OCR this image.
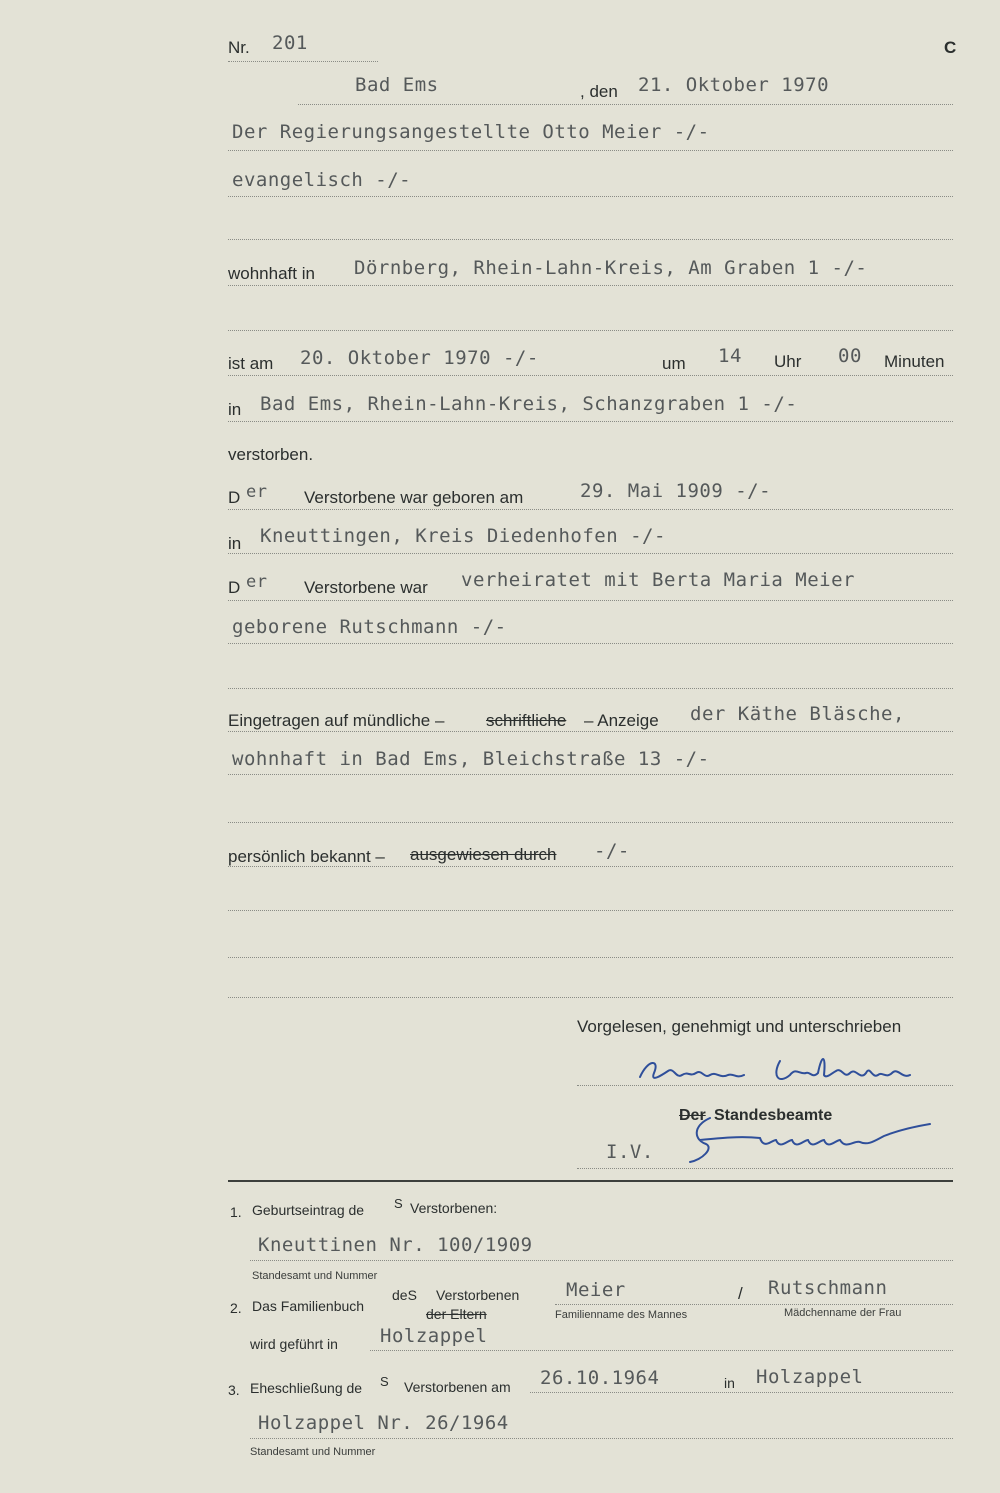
Nr. 201	C
Bad Ems	, den 21. Oktober 1970
Der Regierungsangestellte Otto Meier -/-
evangelisch -/-
wohnhaft in Dörnberg, Rhein-Lahn-Kreis, Am Graben 1 -/-
ist am 20. Oktober 1970 -/-	um 14 Uhr 00 Minuten
in Bad Ems, Rhein-Lahn-Kreis, Schanzgraben 1 -/-
verstorben.
D er Verstorbene war geboren am	29. Mai 1909 -/-
in Kneuttingen, Kreis Diedenhofen -/-
D er Verstorbene war verheiratet mit Berta Maria Meier
geborene Rutschmann -/-
Eingetragen auf mündliche – schriftliche – Anzeige der Käthe Bläsche,
wohnhaft in Bad Ems, Bleichstraße 13 -/-
persönlich bekannt – ausgewiesen durch -/-
Vorgelesen, genehmigt und unterschrieben
Der Standesbeamte
I.V.
1. Geburtseintrag de S Verstorbenen:
Kneuttinen Nr. 100/1909
Standesamt und Nummer
2. Das Familienbuch
deS Verstorbenen
der Eltern
Meier	/ Rutschmann
Familienname des Mannes	Mädchenname der Frau
wird geführt in Holzappel
3. Eheschließung de S Verstorbenen am 26.10.1964	in Holzappel
Holzappel Nr. 26/1964
Standesamt und Nummer
